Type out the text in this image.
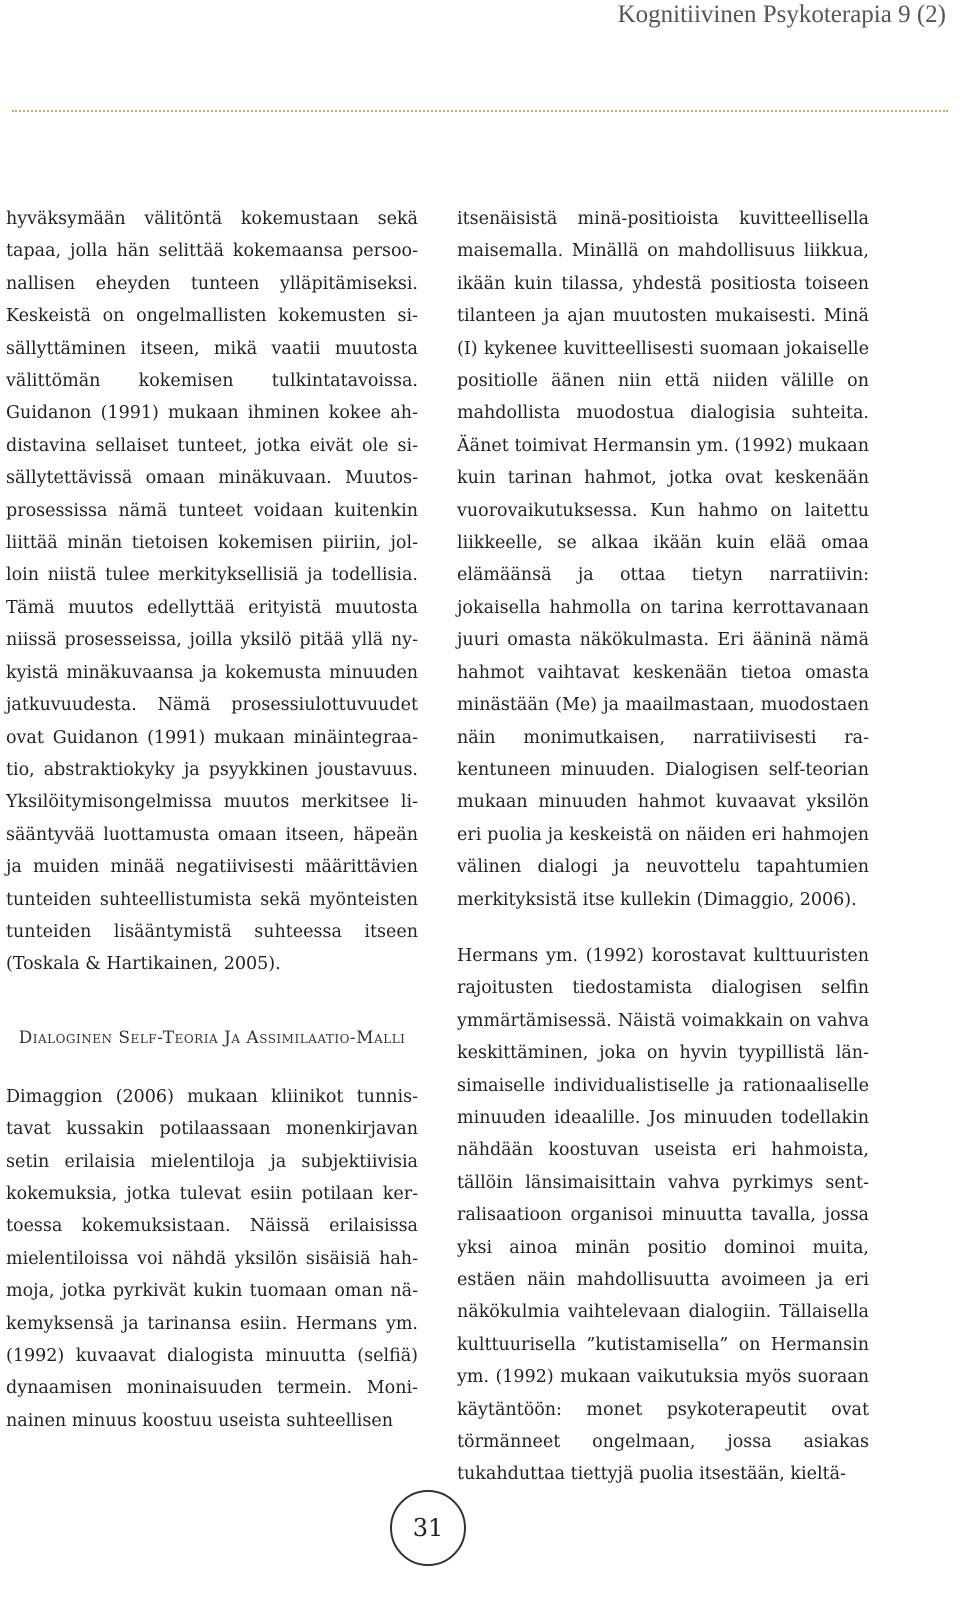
Kognitiivinen Psykoterapia 9 (2)

hyväksymään välitöntä kokemustaan sekä tapaa, jolla hän selittää kokemaansa persoonallisen eheyden tunteen ylläpitämiseksi. Keskeistä on ongelmallisten kokemusten sisällyttäminen itseen, mikä vaatii muutosta välittömän kokemisen tulkintatavoissa. Guidanon (1991) mukaan ihminen kokee ahdistavina sellaiset tunteet, jotka eivät ole sisällytettävissä omaan minäkuvaan. Muutosprosessissa nämä tunteet voidaan kuitenkin liittää minän tietoisen kokemisen piiriin, jolloin niistä tulee merkityksellisiä ja todellisia. Tämä muutos edellyttää erityistä muutosta niissä prosesseissa, joilla yksilö pitää yllä nykyistä minäkuvaansa ja kokemusta minuuden jatkuvuudesta. Nämä prosessiulottuvuudet ovat Guidanon (1991) mukaan minäintegraatio, abstraktiokyky ja psyykkinen joustavuus. Yksilöitymisongelmissa muutos merkitsee lisääntyvää luottamusta omaan itseen, häpeän ja muiden minää negatiivisesti määrittävien tunteiden suhteellistumista sekä myönteisten tunteiden lisääntymistä suhteessa itseen (Toskala & Hartikainen, 2005).

Dialoginen Self-Teoria Ja Assimilaatio-Malli

Dimaggion (2006) mukaan kliinikot tunnistavat kussakin potilaassaan monenkirjavan setin erilaisia mielentiloja ja subjektiivisia kokemuksia, jotka tulevat esiin potilaan kertoessa kokemuksistaan. Näissä erilaisissa mielentiloissa voi nähdä yksilön sisäisiä hahmoja, jotka pyrkivät kukin tuomaan oman näkemyksensä ja tarinansa esiin. Hermans ym. (1992) kuvaavat dialogista minuutta (selfiä) dynaamisen moninaisuuden termein. Moninainen minuus koostuu useista suhteellisen

itsenäisistä minä-positioista kuvitteellisella maisemalla. Minällä on mahdollisuus liikkua, ikään kuin tilassa, yhdestä positiosta toiseen tilanteen ja ajan muutosten mukaisesti. Minä (I) kykenee kuvitteellisesti suomaan jokaiselle positiolle äänen niin että niiden välille on mahdollista muodostua dialogisia suhteita. Äänet toimivat Hermansin ym. (1992) mukaan kuin tarinan hahmot, jotka ovat keskenään vuorovaikutuksessa. Kun hahmo on laitettu liikkeelle, se alkaa ikään kuin elää omaa elämäänsä ja ottaa tietyn narratiivin: jokaisella hahmolla on tarina kerrottavanaan juuri omasta näkökulmasta. Eri ääninä nämä hahmot vaihtavat keskenään tietoa omasta minästään (Me) ja maailmastaan, muodostaen näin monimutkaisen, narratiivisesti rakentuneen minuuden. Dialogisen self-teorian mukaan minuuden hahmot kuvaavat yksilön eri puolia ja keskeistä on näiden eri hahmojen välinen dialogi ja neuvottelu tapahtumien merkityksistä itse kullekin (Dimaggio, 2006).

Hermans ym. (1992) korostavat kulttuuristen rajoitusten tiedostamista dialogisen selfin ymmärtämisessä. Näistä voimakkain on vahva keskittäminen, joka on hyvin tyypillistä länsimaiselle individualistiselle ja rationaaliselle minuuden ideaalille. Jos minuuden todellakin nähdään koostuvan useista eri hahmoista, tällöin länsimaisittain vahva pyrkimys sentralisaatioon organisoi minuutta tavalla, jossa yksi ainoa minän positio dominoi muita, estäen näin mahdollisuutta avoimeen ja eri näkökulmia vaihtelevaan dialogiin. Tällaisella kulttuurisella ”kutistamisella” on Hermansin ym. (1992) mukaan vaikutuksia myös suoraan käytäntöön: monet psykoterapeutit ovat törmänneet ongelmaan, jossa asiakas tukahduttaa tiettyjä puolia itsestään, kieltä-

31
